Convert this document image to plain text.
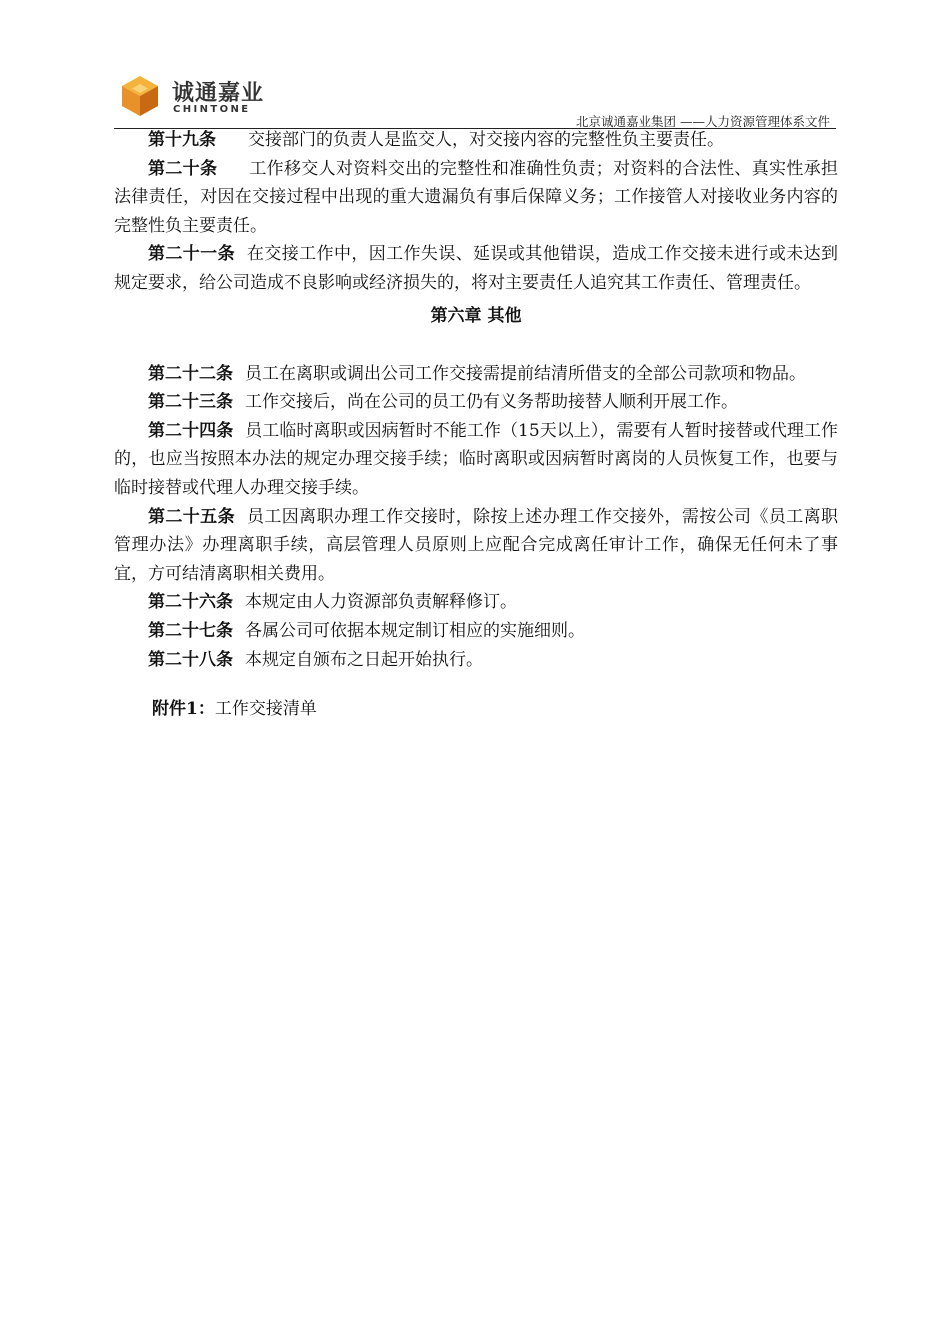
诚通嘉业
CHINTONE
北京诚通嘉业集团 ——人力资源管理体系文件

第十九条 交接部门的负责人是监交人，对交接内容的完整性负主要责任。

第二十条 工作移交人对资料交出的完整性和准确性负责；对资料的合法性、真实性承担法律责任，对因在交接过程中出现的重大遗漏负有事后保障义务；工作接管人对接收业务内容的完整性负主要责任。

第二十一条 在交接工作中，因工作失误、延误或其他错误，造成工作交接未进行或未达到规定要求，给公司造成不良影响或经济损失的，将对主要责任人追究其工作责任、管理责任。

第六章 其他

第二十二条 员工在离职或调出公司工作交接需提前结清所借支的全部公司款项和物品。

第二十三条 工作交接后，尚在公司的员工仍有义务帮助接替人顺利开展工作。

第二十四条 员工临时离职或因病暂时不能工作（15天以上），需要有人暂时接替或代理工作的，也应当按照本办法的规定办理交接手续；临时离职或因病暂时离岗的人员恢复工作，也要与临时接替或代理人办理交接手续。

第二十五条 员工因离职办理工作交接时，除按上述办理工作交接外，需按公司《员工离职管理办法》办理离职手续，高层管理人员原则上应配合完成离任审计工作，确保无任何未了事宜，方可结清离职相关费用。

第二十六条 本规定由人力资源部负责解释修订。

第二十七条 各属公司可依据本规定制订相应的实施细则。

第二十八条 本规定自颁布之日起开始执行。

附件1：工作交接清单
